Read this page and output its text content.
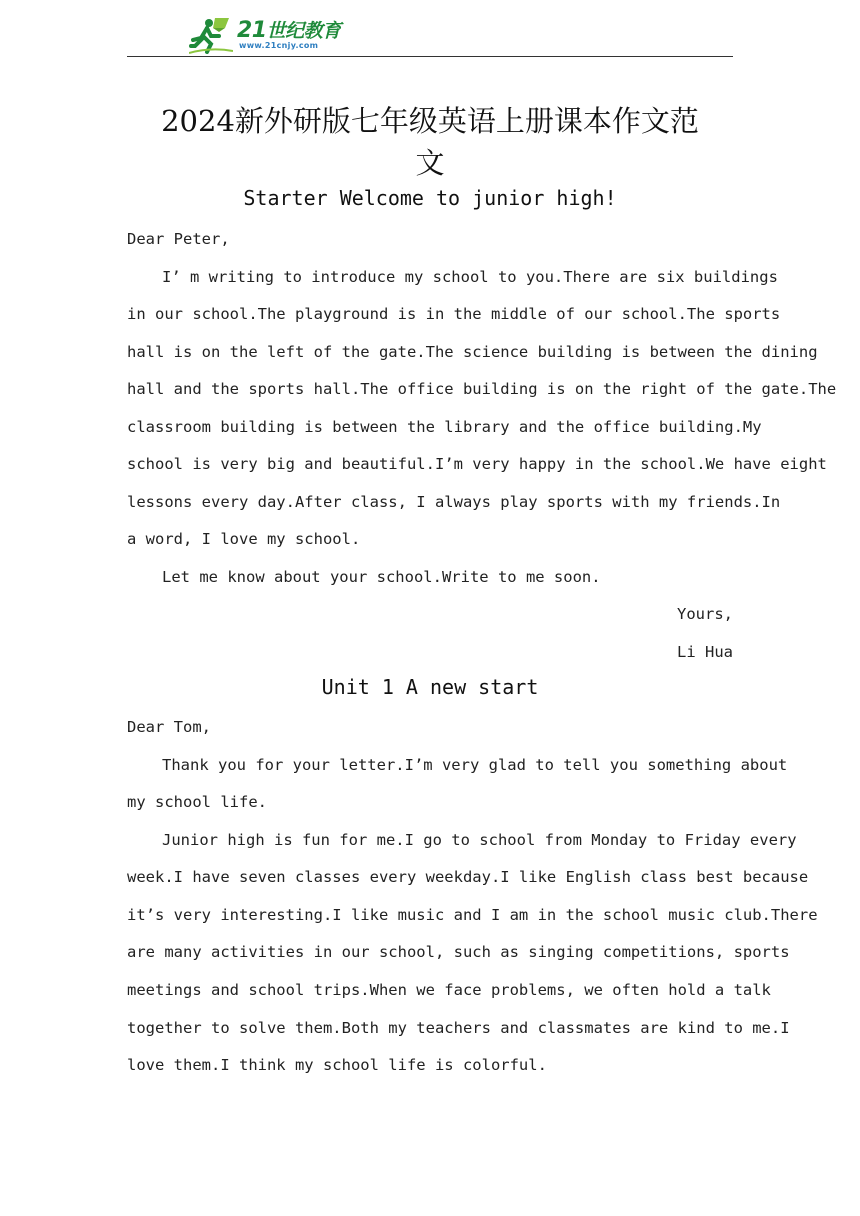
21世纪教育
www.21cnjy.com
2024新外研版七年级英语上册课本作文范
文
Starter Welcome to junior high!
Dear Peter,
I’ m writing to introduce my school to you.There are six buildings
in our school.The playground is in the middle of our school.The sports
hall is on the left of the gate.The science building is between the dining
hall and the sports hall.The office building is on the right of the gate.The
classroom building is between the library and the office building.My
school is very big and beautiful.I’m very happy in the school.We have eight
lessons every day.After class, I always play sports with my friends.In
a word, I love my school.
Let me know about your school.Write to me soon.
Yours,
Li Hua
Unit 1 A new start
Dear Tom,
Thank you for your letter.I’m very glad to tell you something about
my school life.
Junior high is fun for me.I go to school from Monday to Friday every
week.I have seven classes every weekday.I like English class best because
it’s very interesting.I like music and I am in the school music club.There
are many activities in our school, such as singing competitions, sports
meetings and school trips.When we face problems, we often hold a talk
together to solve them.Both my teachers and classmates are kind to me.I
love them.I think my school life is colorful.
